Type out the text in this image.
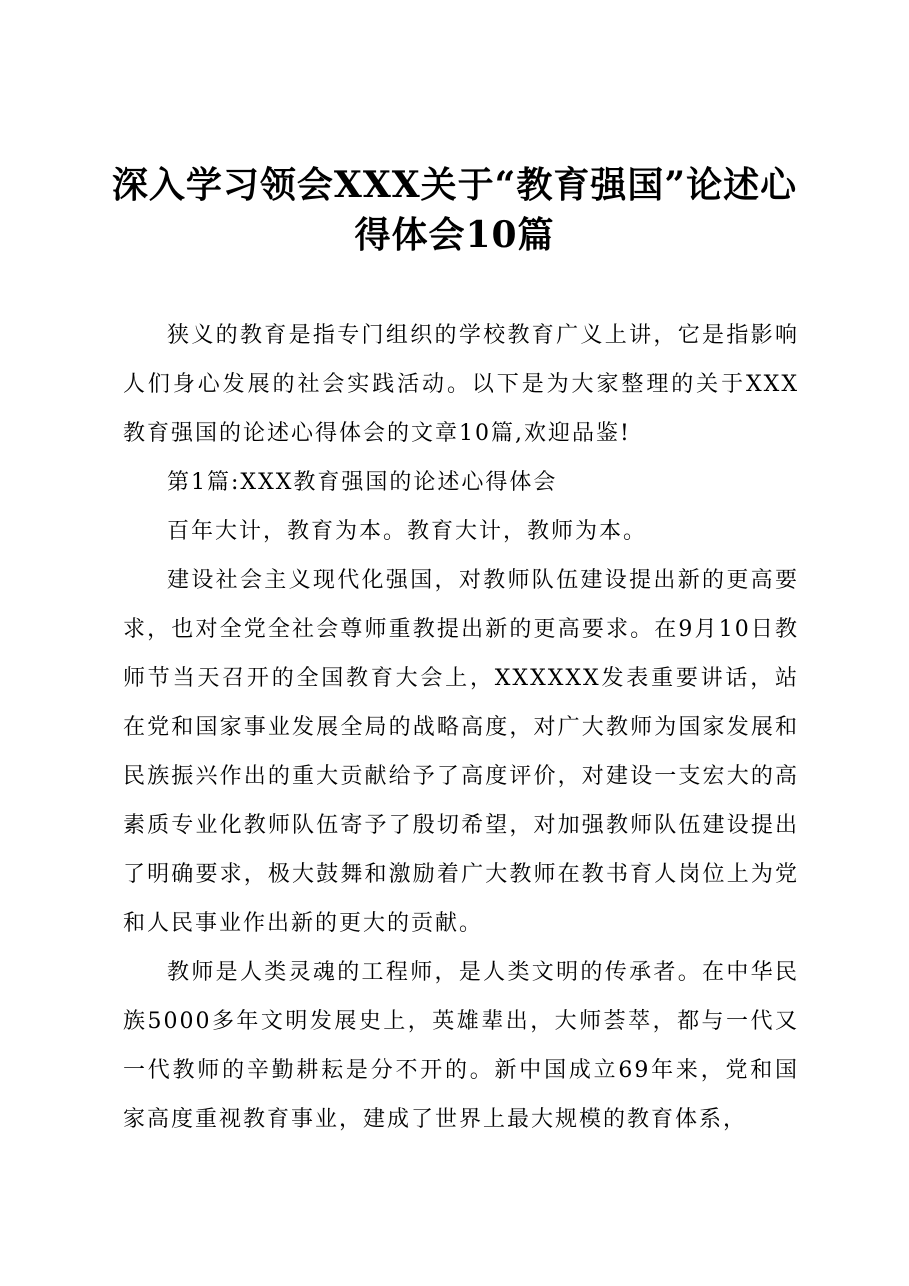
深入学习领会XXX关于“教育强国”论述心得体会10篇

狭义的教育是指专门组织的学校教育广义上讲，它是指影响人们身心发展的社会实践活动。以下是为大家整理的关于XXX教育强国的论述心得体会的文章10篇,欢迎品鉴!

第1篇:XXX教育强国的论述心得体会

百年大计，教育为本。教育大计，教师为本。

建设社会主义现代化强国，对教师队伍建设提出新的更高要求，也对全党全社会尊师重教提出新的更高要求。在9月10日教师节当天召开的全国教育大会上，XXXXXX发表重要讲话，站在党和国家事业发展全局的战略高度，对广大教师为国家发展和民族振兴作出的重大贡献给予了高度评价，对建设一支宏大的高素质专业化教师队伍寄予了殷切希望，对加强教师队伍建设提出了明确要求，极大鼓舞和激励着广大教师在教书育人岗位上为党和人民事业作出新的更大的贡献。

教师是人类灵魂的工程师，是人类文明的传承者。在中华民族5000多年文明发展史上，英雄辈出，大师荟萃，都与一代又一代教师的辛勤耕耘是分不开的。新中国成立69年来，党和国家高度重视教育事业，建成了世界上最大规模的教育体系，
